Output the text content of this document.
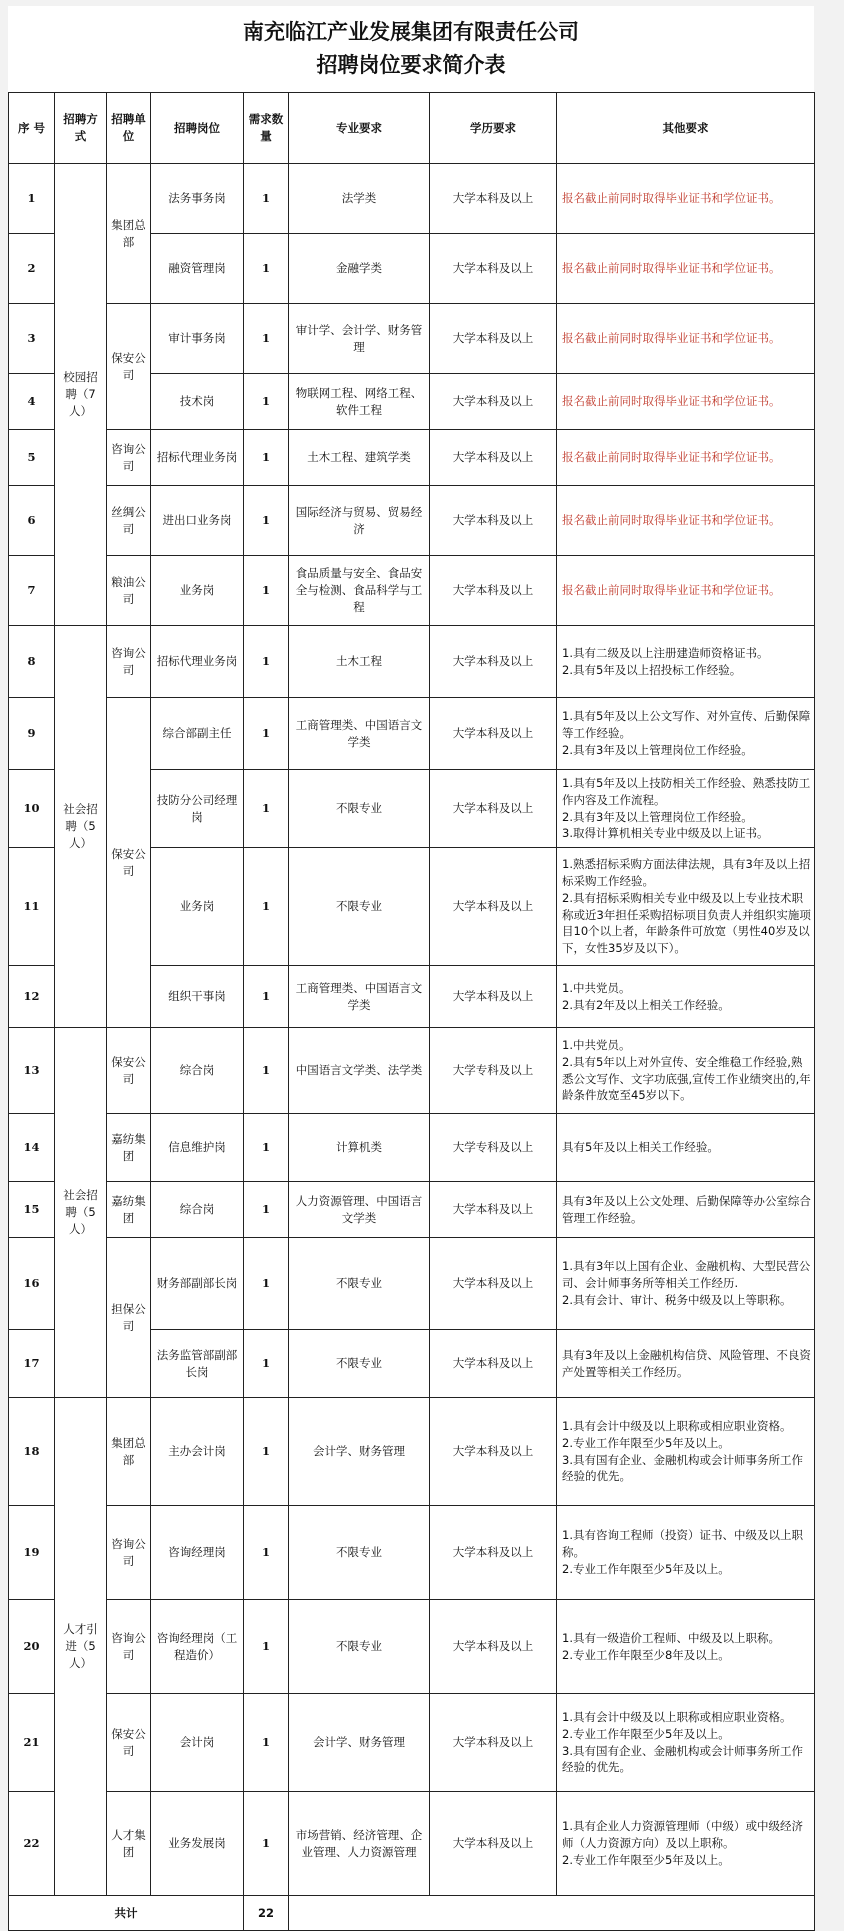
南充临江产业发展集团有限责任公司
招聘岗位要求简介表
序 号	招聘方式	招聘单位	招聘岗位	需求数量	专业要求	学历要求	其他要求
1	校园招聘（7人）	集团总部	法务事务岗	1	法学类	大学本科及以上	报名截止前同时取得毕业证书和学位证书。
2			融资管理岗	1	金融学类	大学本科及以上	报名截止前同时取得毕业证书和学位证书。
3		保安公司	审计事务岗	1	审计学、会计学、财务管理	大学本科及以上	报名截止前同时取得毕业证书和学位证书。
4			技术岗	1	物联网工程、网络工程、软件工程	大学本科及以上	报名截止前同时取得毕业证书和学位证书。
5		咨询公司	招标代理业务岗	1	土木工程、建筑学类	大学本科及以上	报名截止前同时取得毕业证书和学位证书。
6		丝绸公司	进出口业务岗	1	国际经济与贸易、贸易经济	大学本科及以上	报名截止前同时取得毕业证书和学位证书。
7		粮油公司	业务岗	1	食品质量与安全、食品安全与检测、食品科学与工程	大学本科及以上	报名截止前同时取得毕业证书和学位证书。
8	社会招聘（5人）	咨询公司	招标代理业务岗	1	土木工程	大学本科及以上	1.具有二级及以上注册建造师资格证书。
2.具有5年及以上招投标工作经验。
9		保安公司	综合部副主任	1	工商管理类、中国语言文学类	大学本科及以上	1.具有5年及以上公文写作、对外宣传、后勤保障等工作经验。
2.具有3年及以上管理岗位工作经验。
10			技防分公司经理岗	1	不限专业	大学本科及以上	1.具有5年及以上技防相关工作经验、熟悉技防工作内容及工作流程。
2.具有3年及以上管理岗位工作经验。
3.取得计算机相关专业中级及以上证书。
11			业务岗	1	不限专业	大学本科及以上	1.熟悉招标采购方面法律法规，具有3年及以上招标采购工作经验。
2.具有招标采购相关专业中级及以上专业技术职称或近3年担任采购招标项目负责人并组织实施项目10个以上者，年龄条件可放宽（男性40岁及以下，女性35岁及以下）。
12			组织干事岗	1	工商管理类、中国语言文学类	大学本科及以上	1.中共党员。
2.具有2年及以上相关工作经验。
13	社会招聘（5人）	保安公司	综合岗	1	中国语言文学类、法学类	大学专科及以上	1.中共党员。
2.具有5年以上对外宣传、安全维稳工作经验,熟悉公文写作、文字功底强,宣传工作业绩突出的,年龄条件放宽至45岁以下。
14		嘉纺集团	信息维护岗	1	计算机类	大学专科及以上	具有5年及以上相关工作经验。
15		嘉纺集团	综合岗	1	人力资源管理、中国语言文学类	大学本科及以上	具有3年及以上公文处理、后勤保障等办公室综合管理工作经验。
16		担保公司	财务部副部长岗	1	不限专业	大学本科及以上	1.具有3年以上国有企业、金融机构、大型民营公司、会计师事务所等相关工作经历.
2.具有会计、审计、税务中级及以上等职称。
17			法务监管部副部长岗	1	不限专业	大学本科及以上	具有3年及以上金融机构信贷、风险管理、不良资产处置等相关工作经历。
18	人才引进（5人）	集团总部	主办会计岗	1	会计学、财务管理	大学本科及以上	1.具有会计中级及以上职称或相应职业资格。
2.专业工作年限至少5年及以上。
3.具有国有企业、金融机构或会计师事务所工作经验的优先。
19		咨询公司	咨询经理岗	1	不限专业	大学本科及以上	1.具有咨询工程师（投资）证书、中级及以上职称。
2.专业工作年限至少5年及以上。
20		咨询公司	咨询经理岗（工程造价）	1	不限专业	大学本科及以上	1.具有一级造价工程师、中级及以上职称。
2.专业工作年限至少8年及以上。
21		保安公司	会计岗	1	会计学、财务管理	大学本科及以上	1.具有会计中级及以上职称或相应职业资格。
2.专业工作年限至少5年及以上。
3.具有国有企业、金融机构或会计师事务所工作经验的优先。
22		人才集团	业务发展岗	1	市场营销、经济管理、企业管理、人力资源管理	大学本科及以上	1.具有企业人力资源管理师（中级）或中级经济师（人力资源方向）及以上职称。
2.专业工作年限至少5年及以上。
共计				22			
